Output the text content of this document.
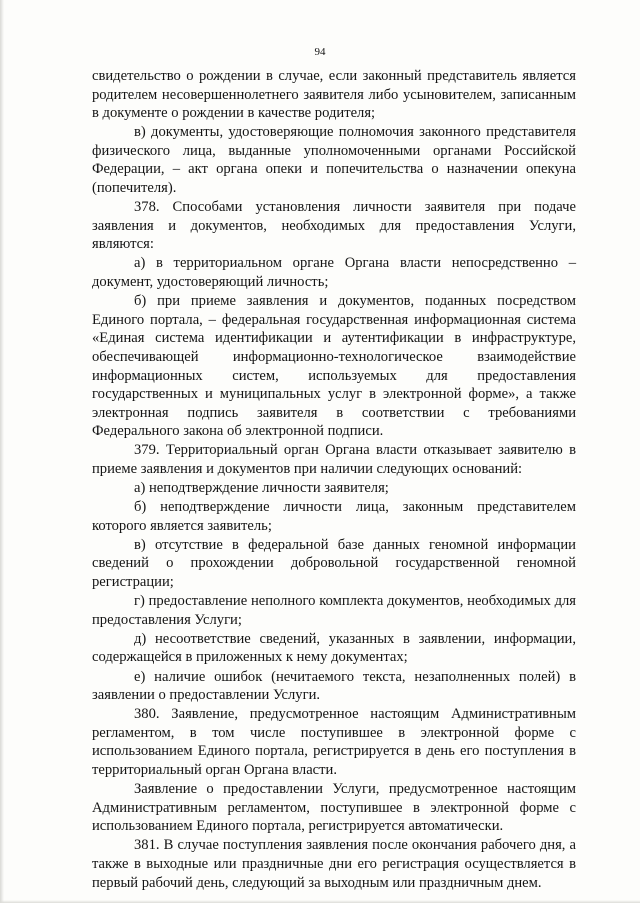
94

свидетельство о рождении в случае, если законный представитель является родителем несовершеннолетнего заявителя либо усыновителем, записанным в документе о рождении в качестве родителя;

в) документы, удостоверяющие полномочия законного представителя физического лица, выданные уполномоченными органами Российской Федерации, – акт органа опеки и попечительства о назначении опекуна (попечителя).

378. Способами установления личности заявителя при подаче заявления и документов, необходимых для предоставления Услуги, являются:

а) в территориальном органе Органа власти непосредственно – документ, удостоверяющий личность;

б) при приеме заявления и документов, поданных посредством Единого портала, – федеральная государственная информационная система «Единая система идентификации и аутентификации в инфраструктуре, обеспечивающей информационно-технологическое взаимодействие информационных систем, используемых для предоставления государственных и муниципальных услуг в электронной форме», а также электронная подпись заявителя в соответствии с требованиями Федерального закона об электронной подписи.

379. Территориальный орган Органа власти отказывает заявителю в приеме заявления и документов при наличии следующих оснований:

а) неподтверждение личности заявителя;

б) неподтверждение личности лица, законным представителем которого является заявитель;

в) отсутствие в федеральной базе данных геномной информации сведений о прохождении добровольной государственной геномной регистрации;

г) предоставление неполного комплекта документов, необходимых для предоставления Услуги;

д) несоответствие сведений, указанных в заявлении, информации, содержащейся в приложенных к нему документах;

е) наличие ошибок (нечитаемого текста, незаполненных полей) в заявлении о предоставлении Услуги.

380. Заявление, предусмотренное настоящим Административным регламентом, в том числе поступившее в электронной форме с использованием Единого портала, регистрируется в день его поступления в территориальный орган Органа власти.

Заявление о предоставлении Услуги, предусмотренное настоящим Административным регламентом, поступившее в электронной форме с использованием Единого портала, регистрируется автоматически.

381. В случае поступления заявления после окончания рабочего дня, а также в выходные или праздничные дни его регистрация осуществляется в первый рабочий день, следующий за выходным или праздничным днем.
